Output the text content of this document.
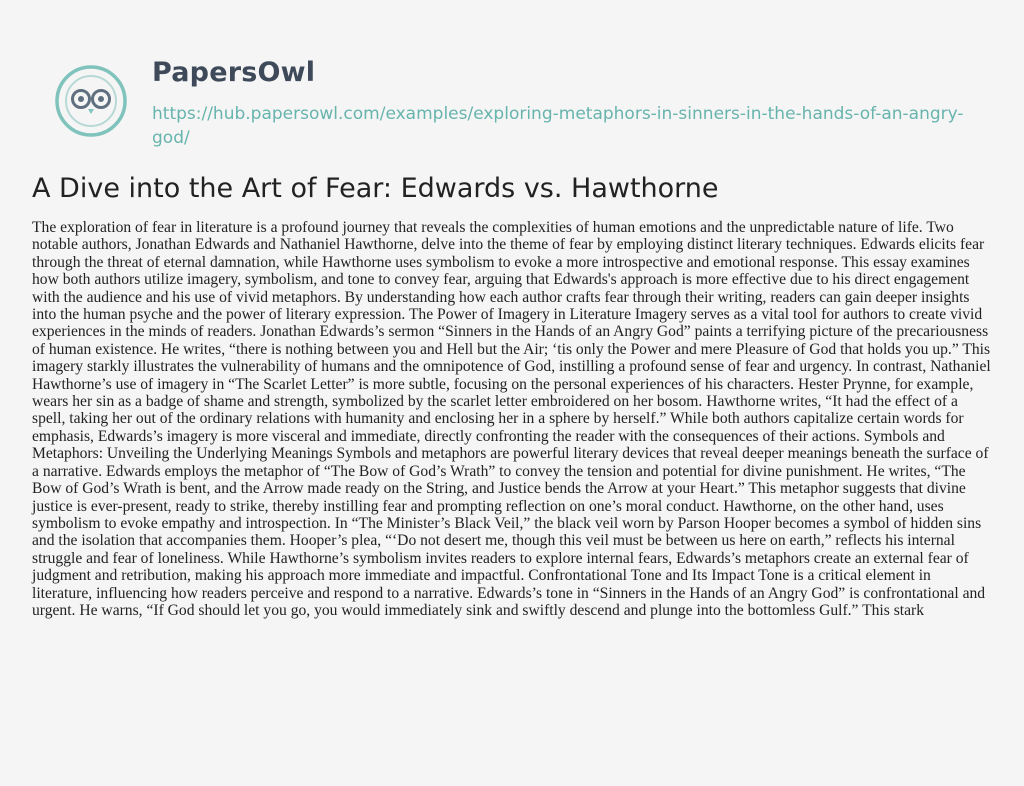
PapersOwl
https://hub.papersowl.com/examples/exploring-metaphors-in-sinners-in-the-hands-of-an-angry-god/
A Dive into the Art of Fear: Edwards vs. Hawthorne

The exploration of fear in literature is a profound journey that reveals the complexities of human emotions and the unpredictable nature of life. Two notable authors, Jonathan Edwards and Nathaniel Hawthorne, delve into the theme of fear by employing distinct literary techniques. Edwards elicits fear through the threat of eternal damnation, while Hawthorne uses symbolism to evoke a more introspective and emotional response. This essay examines how both authors utilize imagery, symbolism, and tone to convey fear, arguing that Edwards's approach is more effective due to his direct engagement with the audience and his use of vivid metaphors. By understanding how each author crafts fear through their writing, readers can gain deeper insights into the human psyche and the power of literary expression. The Power of Imagery in Literature Imagery serves as a vital tool for authors to create vivid experiences in the minds of readers. Jonathan Edwards’s sermon “Sinners in the Hands of an Angry God” paints a terrifying picture of the precariousness of human existence. He writes, “there is nothing between you and Hell but the Air; ‘tis only the Power and mere Pleasure of God that holds you up.” This imagery starkly illustrates the vulnerability of humans and the omnipotence of God, instilling a profound sense of fear and urgency. In contrast, Nathaniel Hawthorne’s use of imagery in “The Scarlet Letter” is more subtle, focusing on the personal experiences of his characters. Hester Prynne, for example, wears her sin as a badge of shame and strength, symbolized by the scarlet letter embroidered on her bosom. Hawthorne writes, “It had the effect of a spell, taking her out of the ordinary relations with humanity and enclosing her in a sphere by herself.” While both authors capitalize certain words for emphasis, Edwards’s imagery is more visceral and immediate, directly confronting the reader with the consequences of their actions. Symbols and Metaphors: Unveiling the Underlying Meanings Symbols and metaphors are powerful literary devices that reveal deeper meanings beneath the surface of a narrative. Edwards employs the metaphor of “The Bow of God’s Wrath” to convey the tension and potential for divine punishment. He writes, “The Bow of God’s Wrath is bent, and the Arrow made ready on the String, and Justice bends the Arrow at your Heart.” This metaphor suggests that divine justice is ever-present, ready to strike, thereby instilling fear and prompting reflection on one’s moral conduct. Hawthorne, on the other hand, uses symbolism to evoke empathy and introspection. In “The Minister’s Black Veil,” the black veil worn by Parson Hooper becomes a symbol of hidden sins and the isolation that accompanies them. Hooper’s plea, “‘Do not desert me, though this veil must be between us here on earth,” reflects his internal struggle and fear of loneliness. While Hawthorne’s symbolism invites readers to explore internal fears, Edwards’s metaphors create an external fear of judgment and retribution, making his approach more immediate and impactful. Confrontational Tone and Its Impact Tone is a critical element in literature, influencing how readers perceive and respond to a narrative. Edwards’s tone in “Sinners in the Hands of an Angry God” is confrontational and urgent. He warns, “If God should let you go, you would immediately sink and swiftly descend and plunge into the bottomless Gulf.” This stark
